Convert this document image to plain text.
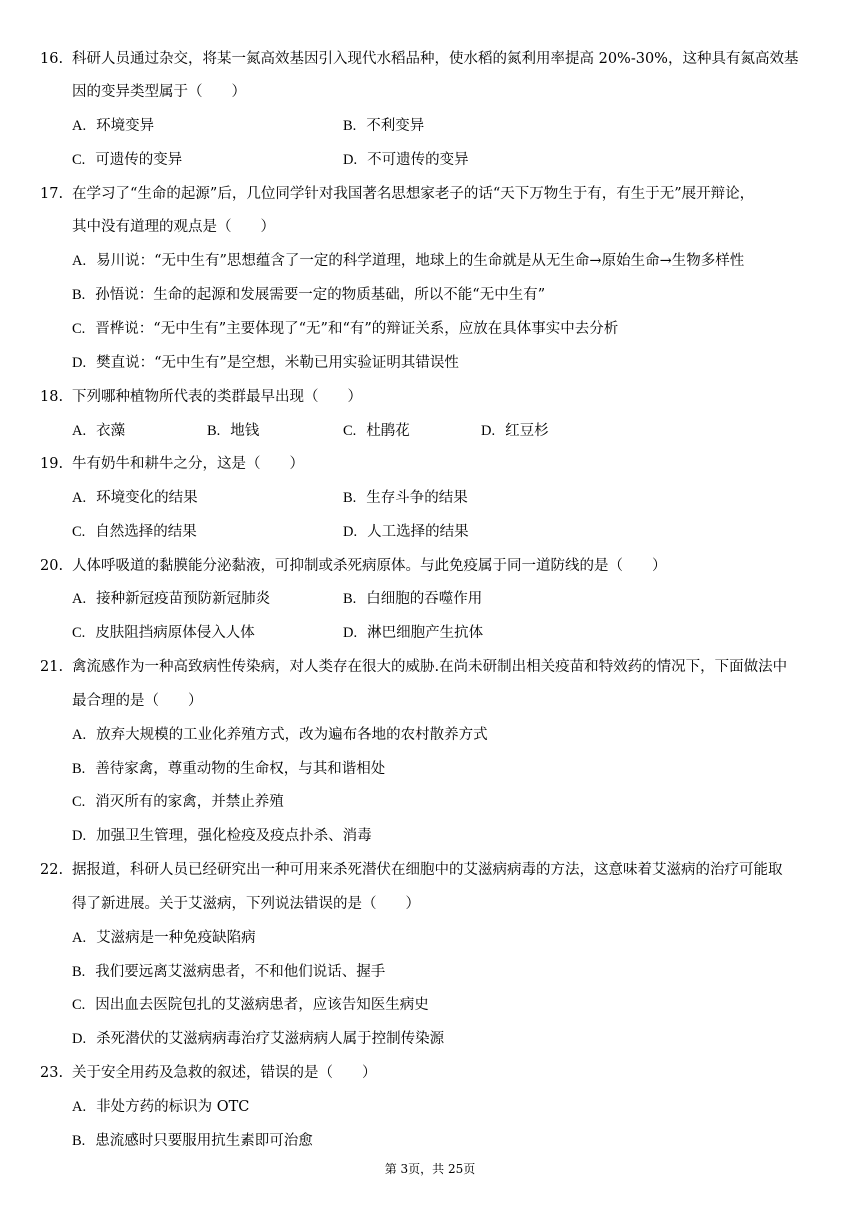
16. 科研人员通过杂交，将某一氮高效基因引入现代水稻品种，使水稻的氮利用率提高 20%-30%，这种具有氮高效基
因的变异类型属于（　　）
A. 环境变异	B. 不利变异
C. 可遗传的变异	D. 不可遗传的变异
17. 在学习了“生命的起源”后，几位同学针对我国著名思想家老子的话“天下万物生于有，有生于无”展开辩论，
其中没有道理的观点是（　　）
A. 易川说：“无中生有”思想蕴含了一定的科学道理，地球上的生命就是从无生命→原始生命→生物多样性
B. 孙悟说：生命的起源和发展需要一定的物质基础，所以不能“无中生有”
C. 晋桦说：“无中生有”主要体现了“无”和“有”的辩证关系，应放在具体事实中去分析
D. 樊直说：“无中生有”是空想，米勒已用实验证明其错误性
18. 下列哪种植物所代表的类群最早出现（　　）
A. 衣藻	B. 地钱	C. 杜鹃花	D. 红豆杉
19. 牛有奶牛和耕牛之分，这是（　　）
A. 环境变化的结果	B. 生存斗争的结果
C. 自然选择的结果	D. 人工选择的结果
20. 人体呼吸道的黏膜能分泌黏液，可抑制或杀死病原体。与此免疫属于同一道防线的是（　　）
A. 接种新冠疫苗预防新冠肺炎	B. 白细胞的吞噬作用
C. 皮肤阻挡病原体侵入人体	D. 淋巴细胞产生抗体
21. 禽流感作为一种高致病性传染病，对人类存在很大的威胁.在尚未研制出相关疫苗和特效药的情况下，下面做法中
最合理的是（　　）
A. 放弃大规模的工业化养殖方式，改为遍布各地的农村散养方式
B. 善待家禽，尊重动物的生命权，与其和谐相处
C. 消灭所有的家禽，并禁止养殖
D. 加强卫生管理，强化检疫及疫点扑杀、消毒
22. 据报道，科研人员已经研究出一种可用来杀死潜伏在细胞中的艾滋病病毒的方法，这意味着艾滋病的治疗可能取
得了新进展。关于艾滋病，下列说法错误的是（　　）
A. 艾滋病是一种免疫缺陷病
B. 我们要远离艾滋病患者，不和他们说话、握手
C. 因出血去医院包扎的艾滋病患者，应该告知医生病史
D. 杀死潜伏的艾滋病病毒治疗艾滋病病人属于控制传染源
23. 关于安全用药及急救的叙述，错误的是（　　）
A. 非处方药的标识为 OTC
B. 患流感时只要服用抗生素即可治愈
第 3页，共 25页
